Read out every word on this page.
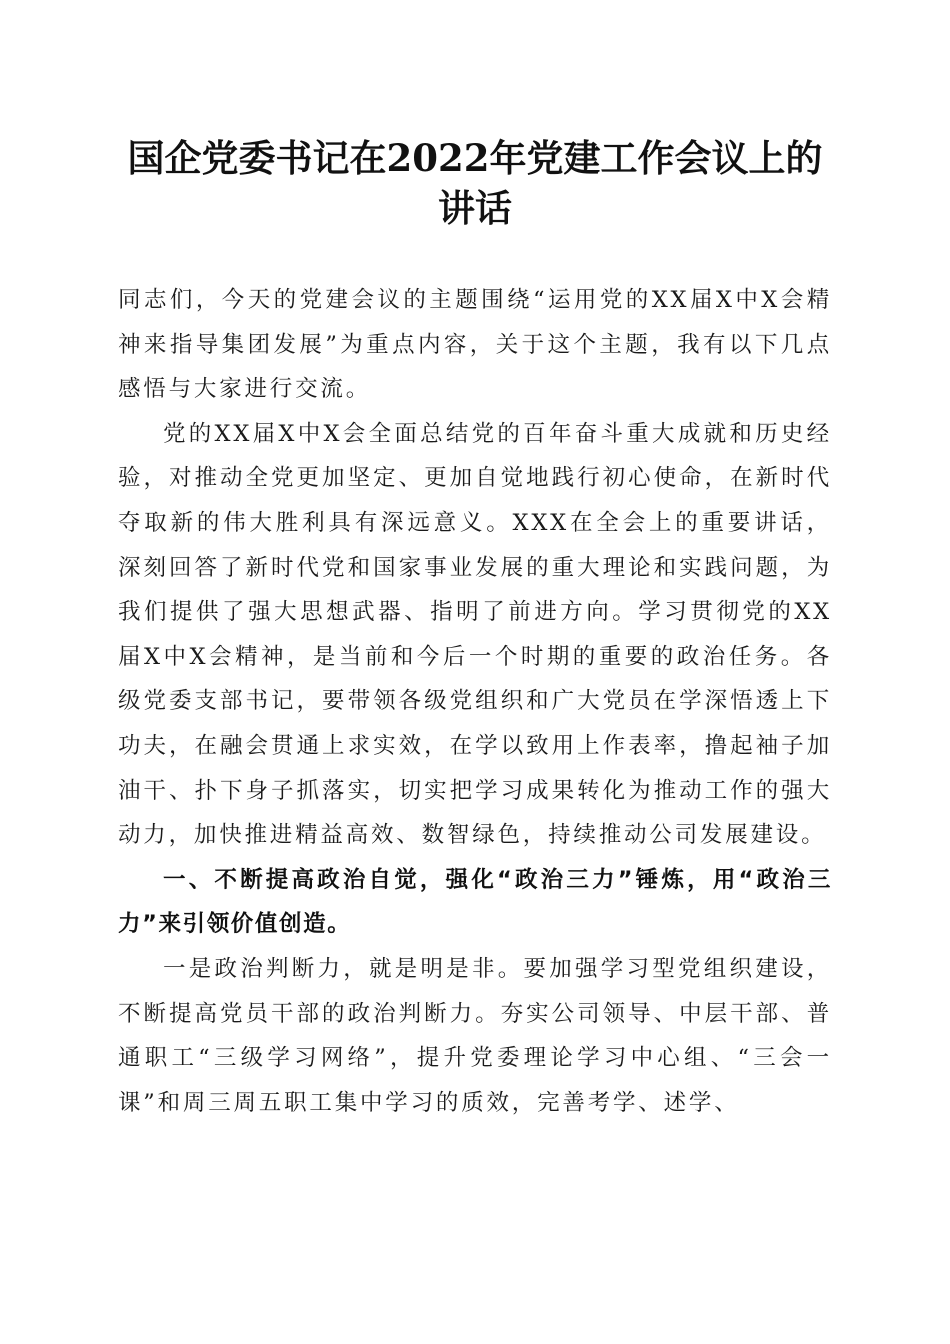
国企党委书记在2022年党建工作会议上的讲话

同志们，今天的党建会议的主题围绕“运用党的XX届X中X会精神来指导集团发展”为重点内容，关于这个主题，我有以下几点感悟与大家进行交流。

党的XX届X中X会全面总结党的百年奋斗重大成就和历史经验，对推动全党更加坚定、更加自觉地践行初心使命，在新时代夺取新的伟大胜利具有深远意义。XXX在全会上的重要讲话，深刻回答了新时代党和国家事业发展的重大理论和实践问题，为我们提供了强大思想武器、指明了前进方向。学习贯彻党的XX届X中X会精神，是当前和今后一个时期的重要的政治任务。各级党委支部书记，要带领各级党组织和广大党员在学深悟透上下功夫，在融会贯通上求实效，在学以致用上作表率，撸起袖子加油干、扑下身子抓落实，切实把学习成果转化为推动工作的强大动力，加快推进精益高效、数智绿色，持续推动公司发展建设。

一、不断提高政治自觉，强化“政治三力”锤炼，用“政治三力”来引领价值创造。

一是政治判断力，就是明是非。要加强学习型党组织建设，不断提高党员干部的政治判断力。夯实公司领导、中层干部、普通职工“三级学习网络”，提升党委理论学习中心组、“三会一课”和周三周五职工集中学习的质效，完善考学、述学、
